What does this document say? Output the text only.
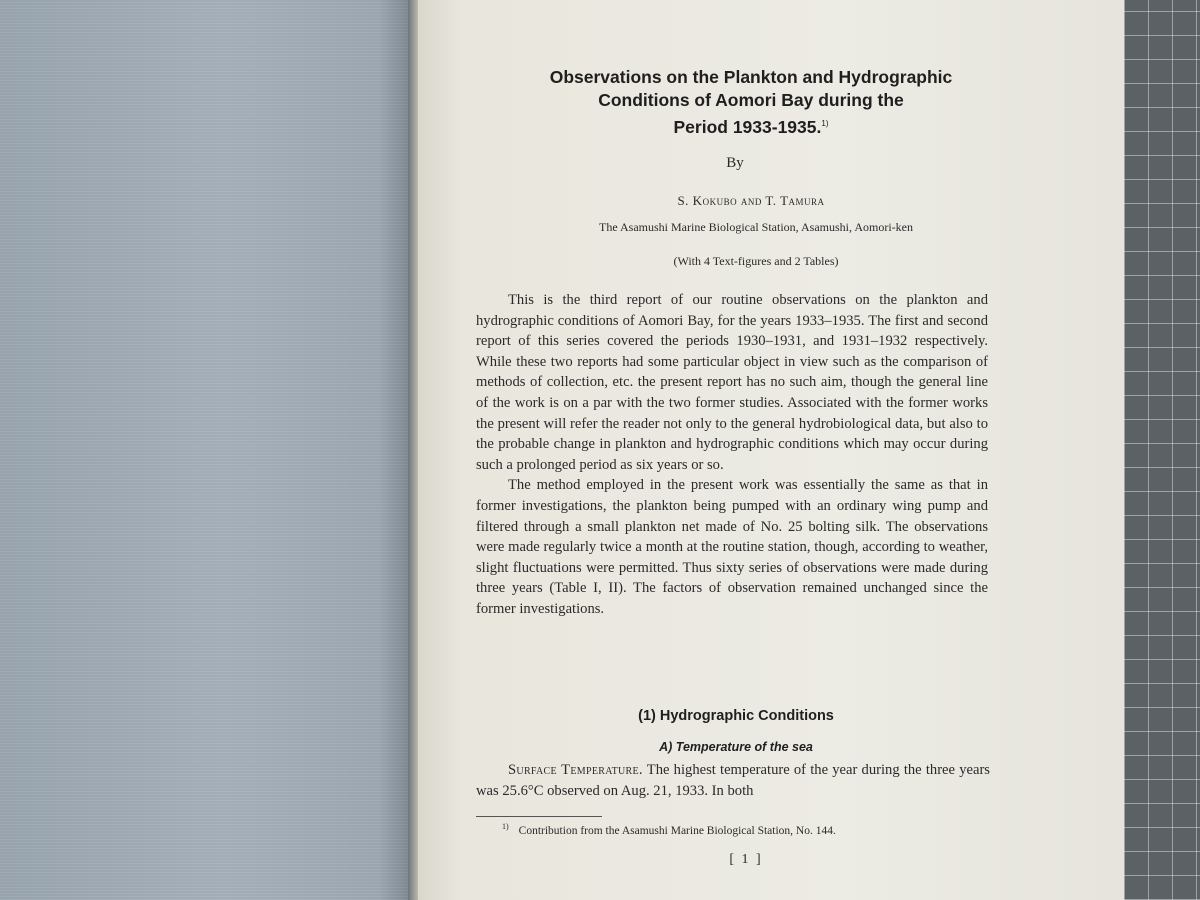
Observations on the Plankton and Hydrographic
Conditions of Aomori Bay during the
Period 1933-1935.$^{1)}$
By
S. Kokubo and T. Tamura
The Asamushi Marine Biological Station, Asamushi, Aomori-ken
(With 4 Text-figures and 2 Tables)

This is the third report of our routine observations on the plankton and hydrographic conditions of Aomori Bay, for the years 1933–1935. The first and second report of this series covered the periods 1930–1931, and 1931–1932 respectively. While these two reports had some particular object in view such as the comparison of methods of collection, etc. the present report has no such aim, though the general line of the work is on a par with the two former studies. Associated with the former works the present will refer the reader not only to the general hydrobiological data, but also to the probable change in plankton and hydrographic conditions which may occur during such a prolonged period as six years or so.

The method employed in the present work was essentially the same as that in former investigations, the plankton being pumped with an ordinary wing pump and filtered through a small plankton net made of No. 25 bolting silk. The observations were made regularly twice a month at the routine station, though, according to weather, slight fluctuations were permitted. Thus sixty series of observations were made during three years (Table I, II). The factors of observation remained unchanged since the former investigations.

(1) Hydrographic Conditions
A) Temperature of the sea

Surface Temperature. The highest temperature of the year during the three years was 25.6°C observed on Aug. 21, 1933. In both

$^{1)}$ Contribution from the Asamushi Marine Biological Station, No. 144.
[ 1 ]
